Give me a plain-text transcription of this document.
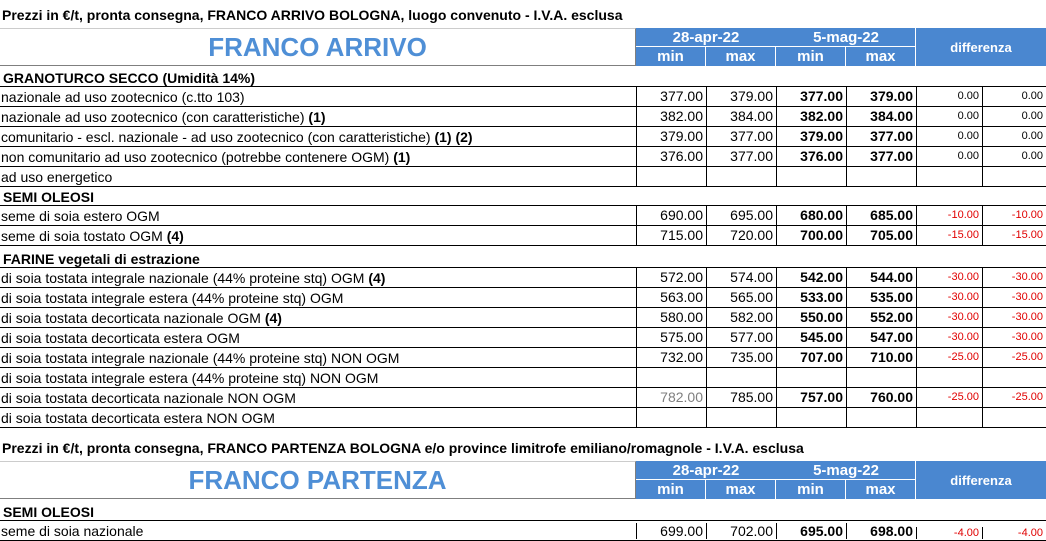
Prezzi in €/t, pronta consegna, FRANCO ARRIVO BOLOGNA, luogo convenuto - I.V.A. esclusa
FRANCO ARRIVO	28-apr-22	5-mag-22
min	max	min	max
differenza
GRANOTURCO SECCO (Umidità 14%)
nazionale ad uso zootecnico (c.tto 103)	377.00	379.00	377.00	379.00	0.00	0.00
nazionale ad uso zootecnico (con caratteristiche) (1)	382.00	384.00	382.00	384.00	0.00	0.00
comunitario - escl. nazionale - ad uso zootecnico (con caratteristiche) (1) (2)	379.00	377.00	379.00	377.00	0.00	0.00
non comunitario ad uso zootecnico (potrebbe contenere OGM) (1)	376.00	377.00	376.00	377.00	0.00	0.00
ad uso energetico
SEMI OLEOSI
seme di soia estero OGM	690.00	695.00	680.00	685.00	-10.00	-10.00
seme di soia tostato OGM (4)	715.00	720.00	700.00	705.00	-15.00	-15.00
FARINE vegetali di estrazione
di soia tostata integrale nazionale (44% proteine stq) OGM (4)	572.00	574.00	542.00	544.00	-30.00	-30.00
di soia tostata integrale estera (44% proteine stq) OGM	563.00	565.00	533.00	535.00	-30.00	-30.00
di soia tostata decorticata nazionale OGM (4)	580.00	582.00	550.00	552.00	-30.00	-30.00
di soia tostata decorticata estera OGM	575.00	577.00	545.00	547.00	-30.00	-30.00
di soia tostata integrale nazionale (44% proteine stq) NON OGM	732.00	735.00	707.00	710.00	-25.00	-25.00
di soia tostata integrale estera (44% proteine stq) NON OGM
di soia tostata decorticata nazionale NON OGM	782.00	785.00	757.00	760.00	-25.00	-25.00
di soia tostata decorticata estera NON OGM
Prezzi in €/t, pronta consegna, FRANCO PARTENZA BOLOGNA e/o province limitrofe emiliano/romagnole - I.V.A. esclusa
FRANCO PARTENZA	28-apr-22	5-mag-22
min	max	min	max
differenza
SEMI OLEOSI
seme di soia nazionale	699.00	702.00	695.00	698.00	-4.00	-4.00
